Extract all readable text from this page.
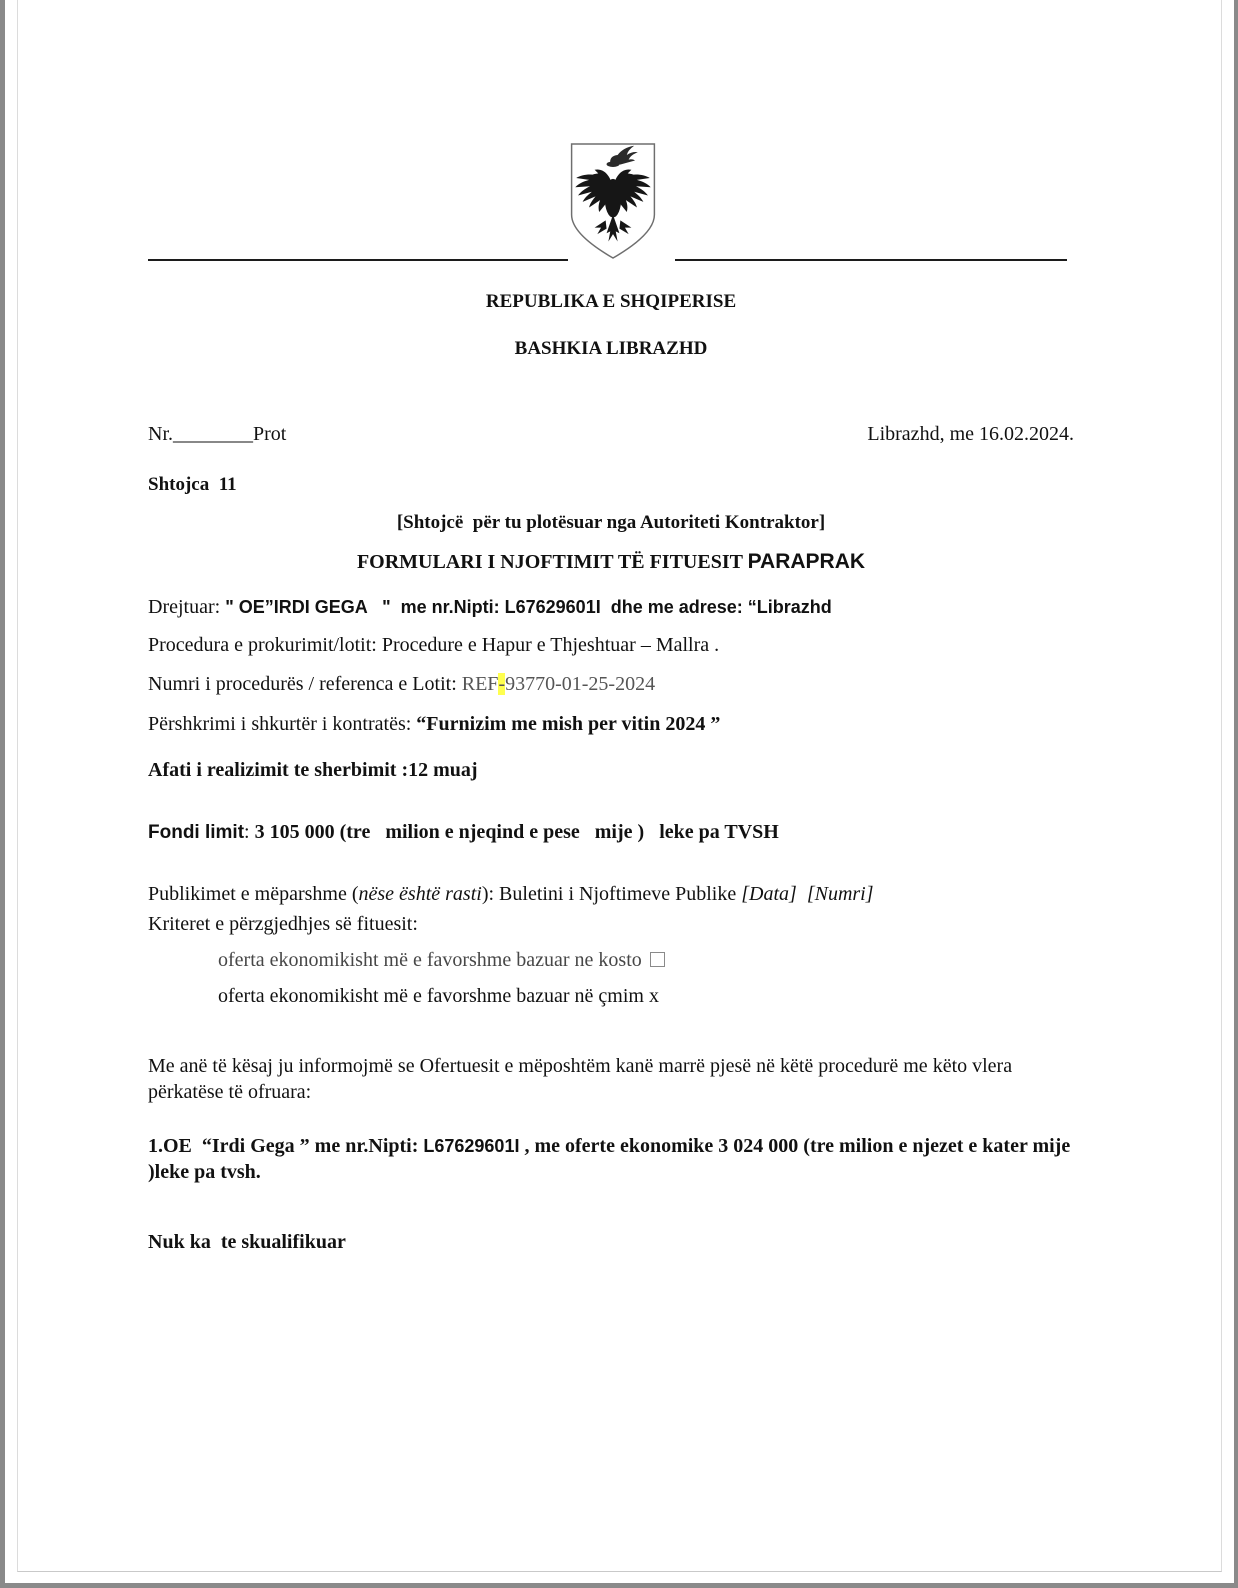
REPUBLIKA E SHQIPERISE
BASHKIA LIBRAZHD
Nr.________Prot	Librazhd, me 16.02.2024.
Shtojca  11
[Shtojcë  për tu plotësuar nga Autoriteti Kontraktor]
FORMULARI I NJOFTIMIT TË FITUESIT PARAPRAK
Drejtuar: " OE”IRDI GEGA   "  me nr.Nipti: L67629601I  dhe me adrese: “Librazhd
Procedura e prokurimit/lotit: Procedure e Hapur e Thjeshtuar – Mallra .
Numri i procedurës / referenca e Lotit: REF-93770-01-25-2024
Përshkrimi i shkurtër i kontratës: “Furnizim me mish per vitin 2024 ”
Afati i realizimit te sherbimit :12 muaj
Fondi limit: 3 105 000 (tre   milion e njeqind e pese   mije )   leke pa TVSH
Publikimet e mëparshme (nëse është rasti): Buletini i Njoftimeve Publike [Data]  [Numri]
Kriteret e përzgjedhjes së fituesit:
oferta ekonomikisht më e favorshme bazuar ne kosto
oferta ekonomikisht më e favorshme bazuar në çmim x
Me anë të kësaj ju informojmë se Ofertuesit e mëposhtëm kanë marrë pjesë në këtë procedurë me këto vlera përkatëse të ofruara:
1.OE  “Irdi Gega ” me nr.Nipti: L67629601I , me oferte ekonomike 3 024 000 (tre milion e njezet e kater mije )leke pa tvsh.
Nuk ka  te skualifikuar
